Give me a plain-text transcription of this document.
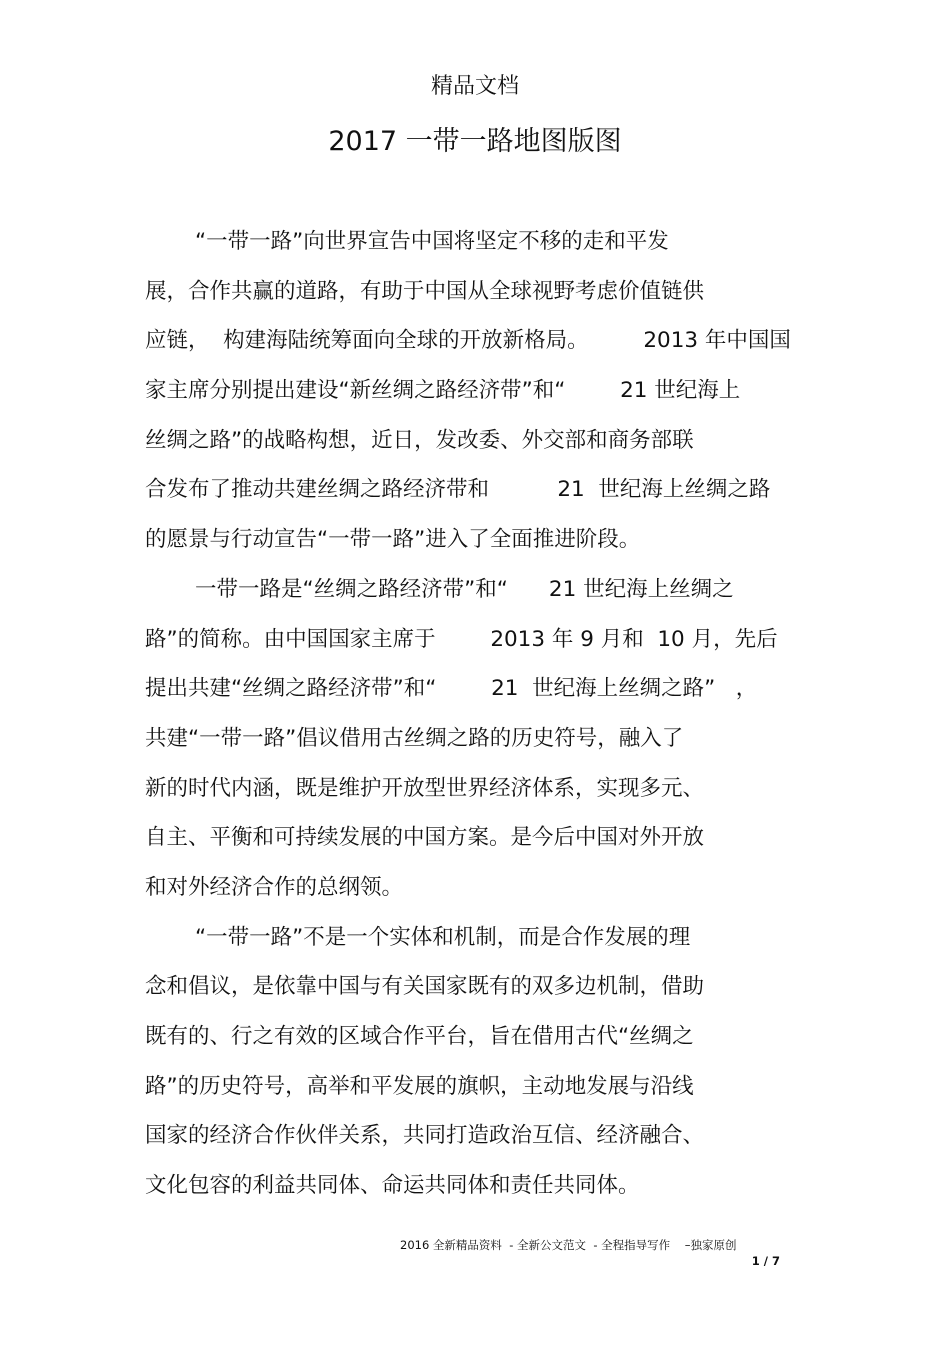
精品文档
2017 一带一路地图版图
“一带一路”向世界宣告中国将坚定不移的走和平发
展，合作共赢的道路，有助于中国从全球视野考虑价值链供
应链，  构建海陆统筹面向全球的开放新格局。        2013 年中国国
家主席分别提出建设“新丝绸之路经济带”和“        21 世纪海上
丝绸之路”的战略构想，近日，发改委、外交部和商务部联
合发布了推动共建丝绸之路经济带和          21  世纪海上丝绸之路
的愿景与行动宣告“一带一路”进入了全面推进阶段。
一带一路是“丝绸之路经济带”和“      21 世纪海上丝绸之
路”的简称。由中国国家主席于        2013 年 9 月和  10 月，先后
提出共建“丝绸之路经济带”和“        21  世纪海上丝绸之路”   ，
共建“一带一路”倡议借用古丝绸之路的历史符号，融入了
新的时代内涵，既是维护开放型世界经济体系，实现多元、
自主、平衡和可持续发展的中国方案。是今后中国对外开放
和对外经济合作的总纲领。
“一带一路”不是一个实体和机制，而是合作发展的理
念和倡议，是依靠中国与有关国家既有的双多边机制，借助
既有的、行之有效的区域合作平台，旨在借用古代“丝绸之
路”的历史符号，高举和平发展的旗帜，主动地发展与沿线
国家的经济合作伙伴关系，共同打造政治互信、经济融合、
文化包容的利益共同体、命运共同体和责任共同体。
2016 全新精品资料  - 全新公文范文  - 全程指导写作    –独家原创
1 / 7
